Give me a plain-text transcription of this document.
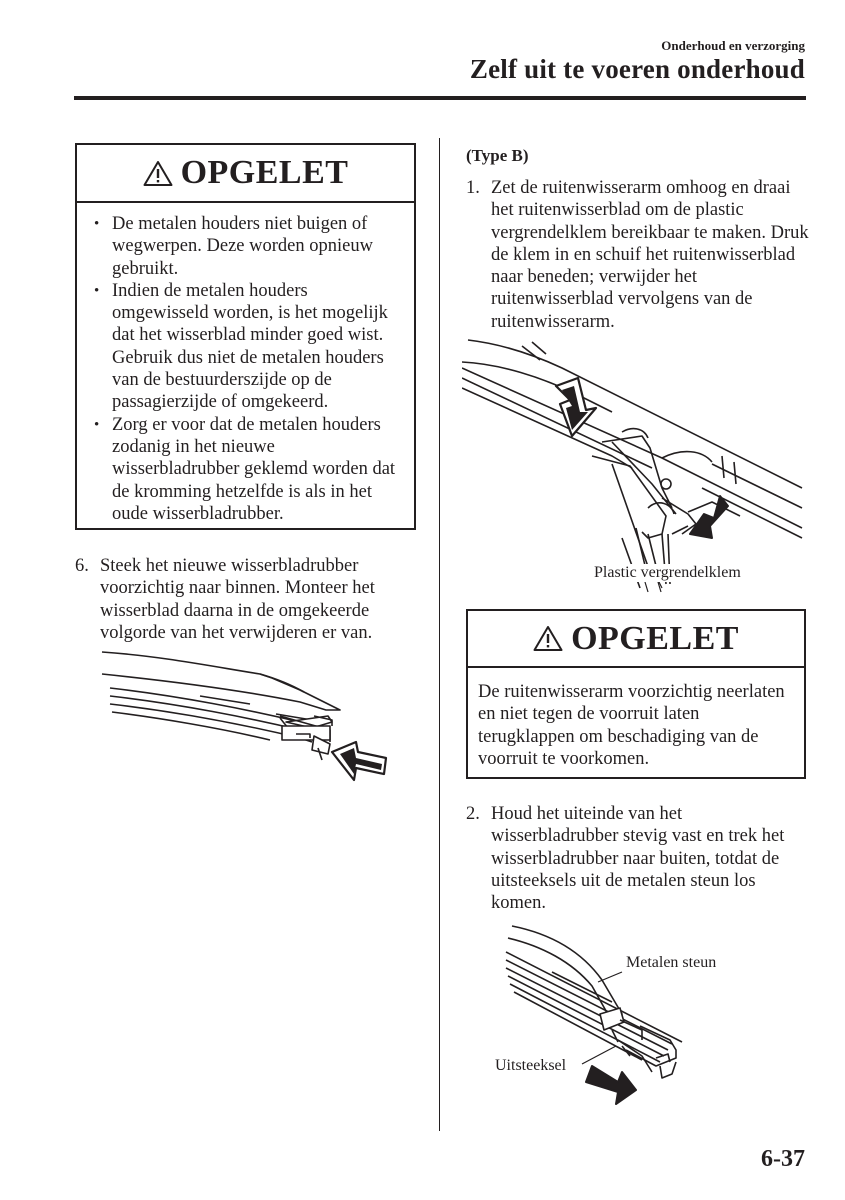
Onderhoud en verzorging
Zelf uit te voeren onderhoud
OPGELET
• De metalen houders niet buigen of wegwerpen. Deze worden opnieuw gebruikt.
• Indien de metalen houders omgewisseld worden, is het mogelijk dat het wisserblad minder goed wist. Gebruik dus niet de metalen houders van de bestuurderszijde op de passagierzijde of omgekeerd.
• Zorg er voor dat de metalen houders zodanig in het nieuwe wisserbladrubber geklemd worden dat de kromming hetzelfde is als in het oude wisserbladrubber.
6. Steek het nieuwe wisserbladrubber voorzichtig naar binnen. Monteer het wisserblad daarna in de omgekeerde volgorde van het verwijderen er van.
(Type B)
1. Zet de ruitenwisserarm omhoog en draai het ruitenwisserblad om de plastic vergrendelklem bereikbaar te maken. Druk de klem in en schuif het ruitenwisserblad naar beneden; verwijder het ruitenwisserblad vervolgens van de ruitenwisserarm.
Plastic vergrendelklem
OPGELET
De ruitenwisserarm voorzichtig neerlaten en niet tegen de voorruit laten terugklappen om beschadiging van de voorruit te voorkomen.
2. Houd het uiteinde van het wisserbladrubber stevig vast en trek het wisserbladrubber naar buiten, totdat de uitsteeksels uit de metalen steun los komen.
Metalen steun
Uitsteeksel
6-37
